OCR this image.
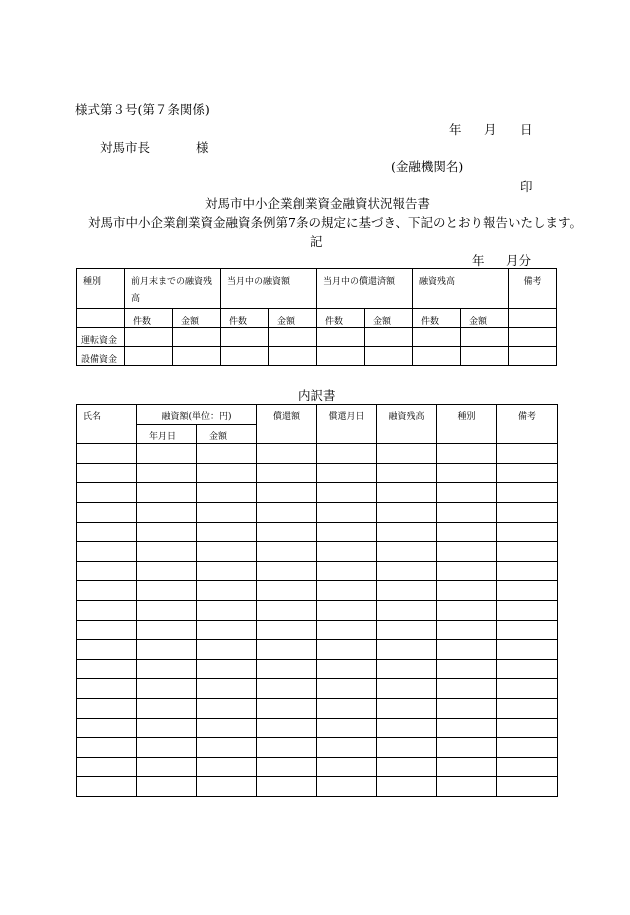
様式第３号(第７条関係)
年 月 日
対馬市長	様
(金融機関名)
印
対馬市中小企業創業資金融資状況報告書
対馬市中小企業創業資金融資条例第7条の規定に基づき、下記のとおり報告いたします。
記
年 月分
種別	前月末までの融資残高		当月中の融資額		当月中の償還済額		融資残高		備考

	件数	金額	件数	金額	件数	金額	件数	金額	

運転資金									

設備資金									

内訳書
氏名	融資額(単位：円)		償還額	償還月日	融資残高	種別	備考

	年月日	金額					
